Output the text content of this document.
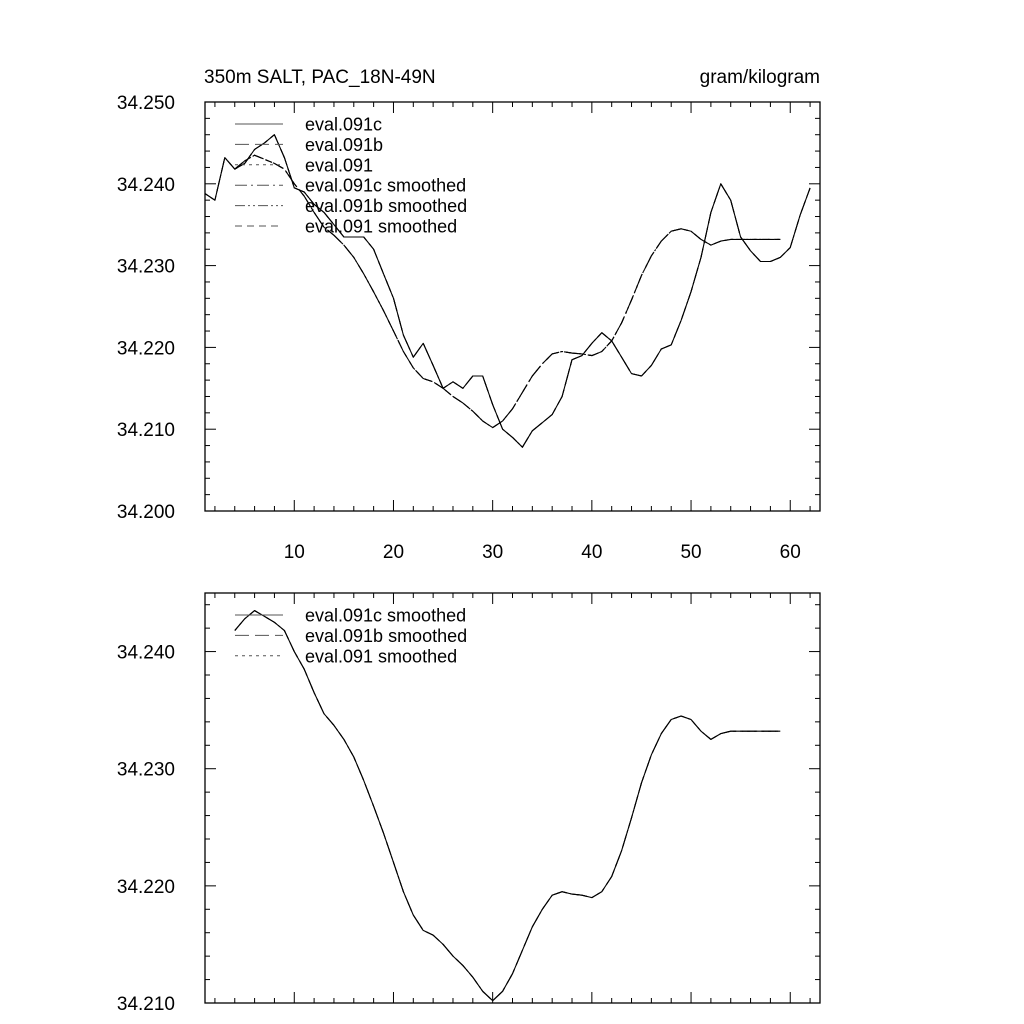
350m SALT, PAC_18N-49N	gram/kilogram
10	20	30	40	50	60
34.200
34.210
34.220
34.230
34.240
34.250
eval.091c
eval.091b
eval.091
eval.091c smoothed
eval.091b smoothed
eval.091 smoothed
34.210
34.220
34.230
34.240
eval.091c smoothed
eval.091b smoothed
eval.091 smoothed
